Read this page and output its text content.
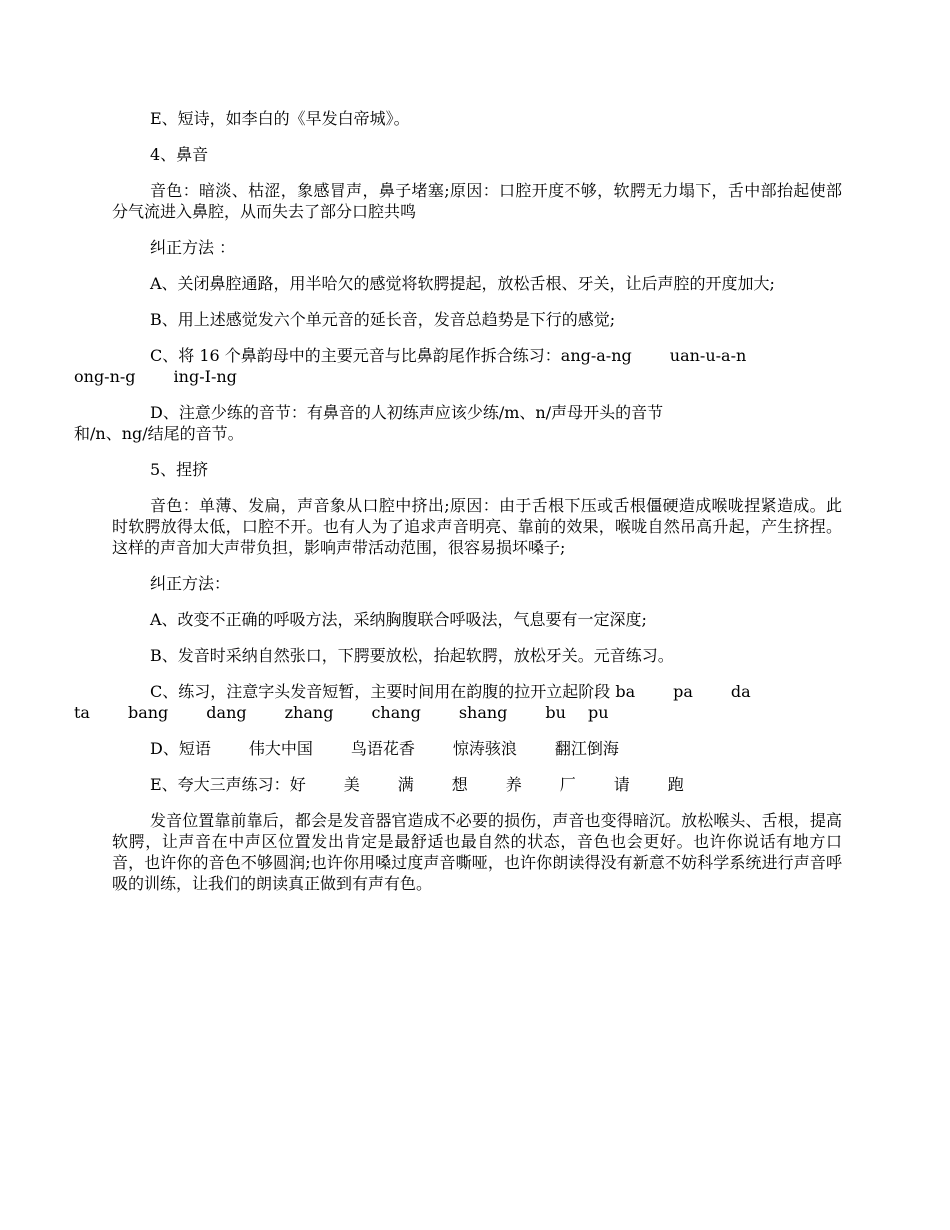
E、短诗，如李白的《早发白帝城》。

4、鼻音

音色：暗淡、枯涩，象感冒声，鼻子堵塞;原因：口腔开度不够，软腭无力塌下，舌中部抬起使部分气流进入鼻腔，从而失去了部分口腔共鸣

纠正方法 ：

A、关闭鼻腔通路，用半哈欠的感觉将软腭提起，放松舌根、牙关，让后声腔的开度加大;

B、用上述感觉发六个单元音的延长音，发音总趋势是下行的感觉;

C、将 16 个鼻韵母中的主要元音与比鼻韵尾作拆合练习：ang-a-ng uan-u-a-n
ong-n-g ing-I-ng

D、注意少练的音节：有鼻音的人初练声应该少练/m、n/声母开头的音节
和/n、ng/结尾的音节。

5、捏挤

音色：单薄、发扁，声音象从口腔中挤出;原因：由于舌根下压或舌根僵硬造成喉咙捏紧造成。此时软腭放得太低，口腔不开。也有人为了追求声音明亮、靠前的效果，喉咙自然吊高升起，产生挤捏。这样的声音加大声带负担，影响声带活动范围，很容易损坏嗓子;

纠正方法：

A、改变不正确的呼吸方法，采纳胸腹联合呼吸法，气息要有一定深度;

B、发音时采纳自然张口，下腭要放松，抬起软腭，放松牙关。元音练习。

C、练习，注意字头发音短暂，主要时间用在韵腹的拉开立起阶段 ba pa da
ta bang dang zhang chang shang bu pu

D、短语 伟大中国 鸟语花香 惊涛骇浪 翻江倒海

E、夸大三声练习：好 美 满 想 养 厂 请 跑

发音位置靠前靠后，都会是发音器官造成不必要的损伤，声音也变得暗沉。放松喉头、舌根，提高软腭，让声音在中声区位置发出肯定是最舒适也最自然的状态，音色也会更好。也许你说话有地方口音，也许你的音色不够圆润;也许你用嗓过度声音嘶哑，也许你朗读得没有新意不妨科学系统进行声音呼吸的训练，让我们的朗读真正做到有声有色。
